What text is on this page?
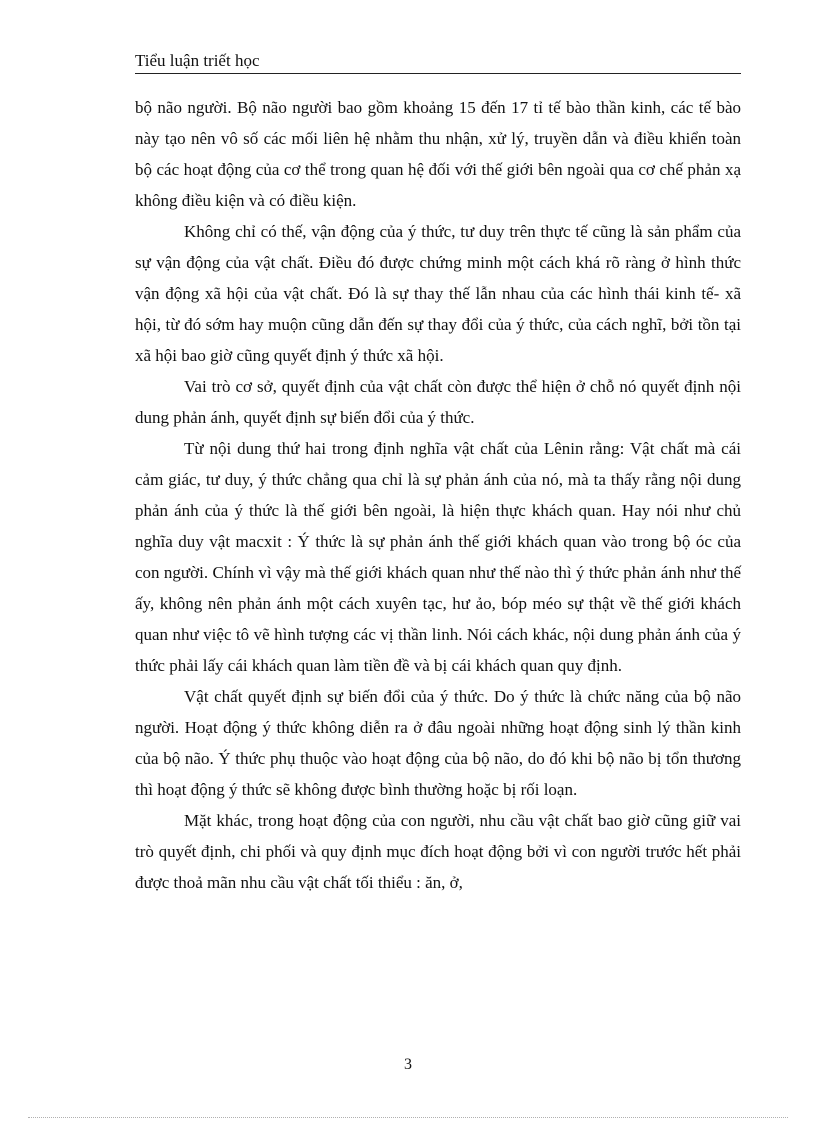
Tiểu luận triết học

bộ não người. Bộ não người bao gồm khoảng 15 đến 17 tỉ tế bào thần kinh, các tế bào này tạo nên vô số các mối liên hệ nhằm thu nhận, xử lý, truyền dẫn và điều khiển toàn bộ các hoạt động của cơ thể trong quan hệ đối với thế giới bên ngoài qua cơ chế phản xạ không điều kiện và có điều kiện.

Không chỉ có thế, vận động của ý thức, tư duy trên thực tế cũng là sản phẩm của sự vận động của vật chất. Điều đó được chứng minh một cách khá rõ ràng ở hình thức vận động xã hội của vật chất. Đó là sự thay thế lẫn nhau của các hình thái kinh tế- xã hội, từ đó sớm hay muộn cũng dẫn đến sự thay đổi của ý thức, của cách nghĩ, bởi tồn tại xã hội bao giờ cũng quyết định ý thức xã hội.

Vai trò cơ sở, quyết định của vật chất còn được thể hiện ở chỗ nó quyết định nội dung phản ánh, quyết định sự biến đổi của ý thức.

Từ nội dung thứ hai trong định nghĩa vật chất của Lênin rằng: Vật chất mà cái cảm giác, tư duy, ý thức chẳng qua chỉ là sự phản ánh của nó, mà ta thấy rằng nội dung phản ánh của ý thức là thế giới bên ngoài, là hiện thực khách quan. Hay nói như chủ nghĩa duy vật macxit : Ý thức là sự phản ánh thế giới khách quan vào trong bộ óc của con người. Chính vì vậy mà thế giới khách quan như thế nào thì ý thức phản ánh như thế ấy, không nên phản ánh một cách xuyên tạc, hư ảo, bóp méo sự thật về thế giới khách quan như việc tô vẽ hình tượng các vị thần linh. Nói cách khác, nội dung phản ánh của ý thức phải lấy cái khách quan làm tiền đề và bị cái khách quan quy định.

Vật chất quyết định sự biến đổi của ý thức. Do ý thức là chức năng của bộ não người. Hoạt động ý thức không diễn ra ở đâu ngoài những hoạt động sinh lý thần kinh của bộ não. Ý thức phụ thuộc vào hoạt động của bộ não, do đó khi bộ não bị tổn thương thì hoạt động ý thức sẽ không được bình thường hoặc bị rối loạn.

Mặt khác, trong hoạt động của con người, nhu cầu vật chất bao giờ cũng giữ vai trò quyết định, chi phối và quy định mục đích hoạt động bởi vì con người trước hết phải được thoả mãn nhu cầu vật chất tối thiểu : ăn, ở,

3
